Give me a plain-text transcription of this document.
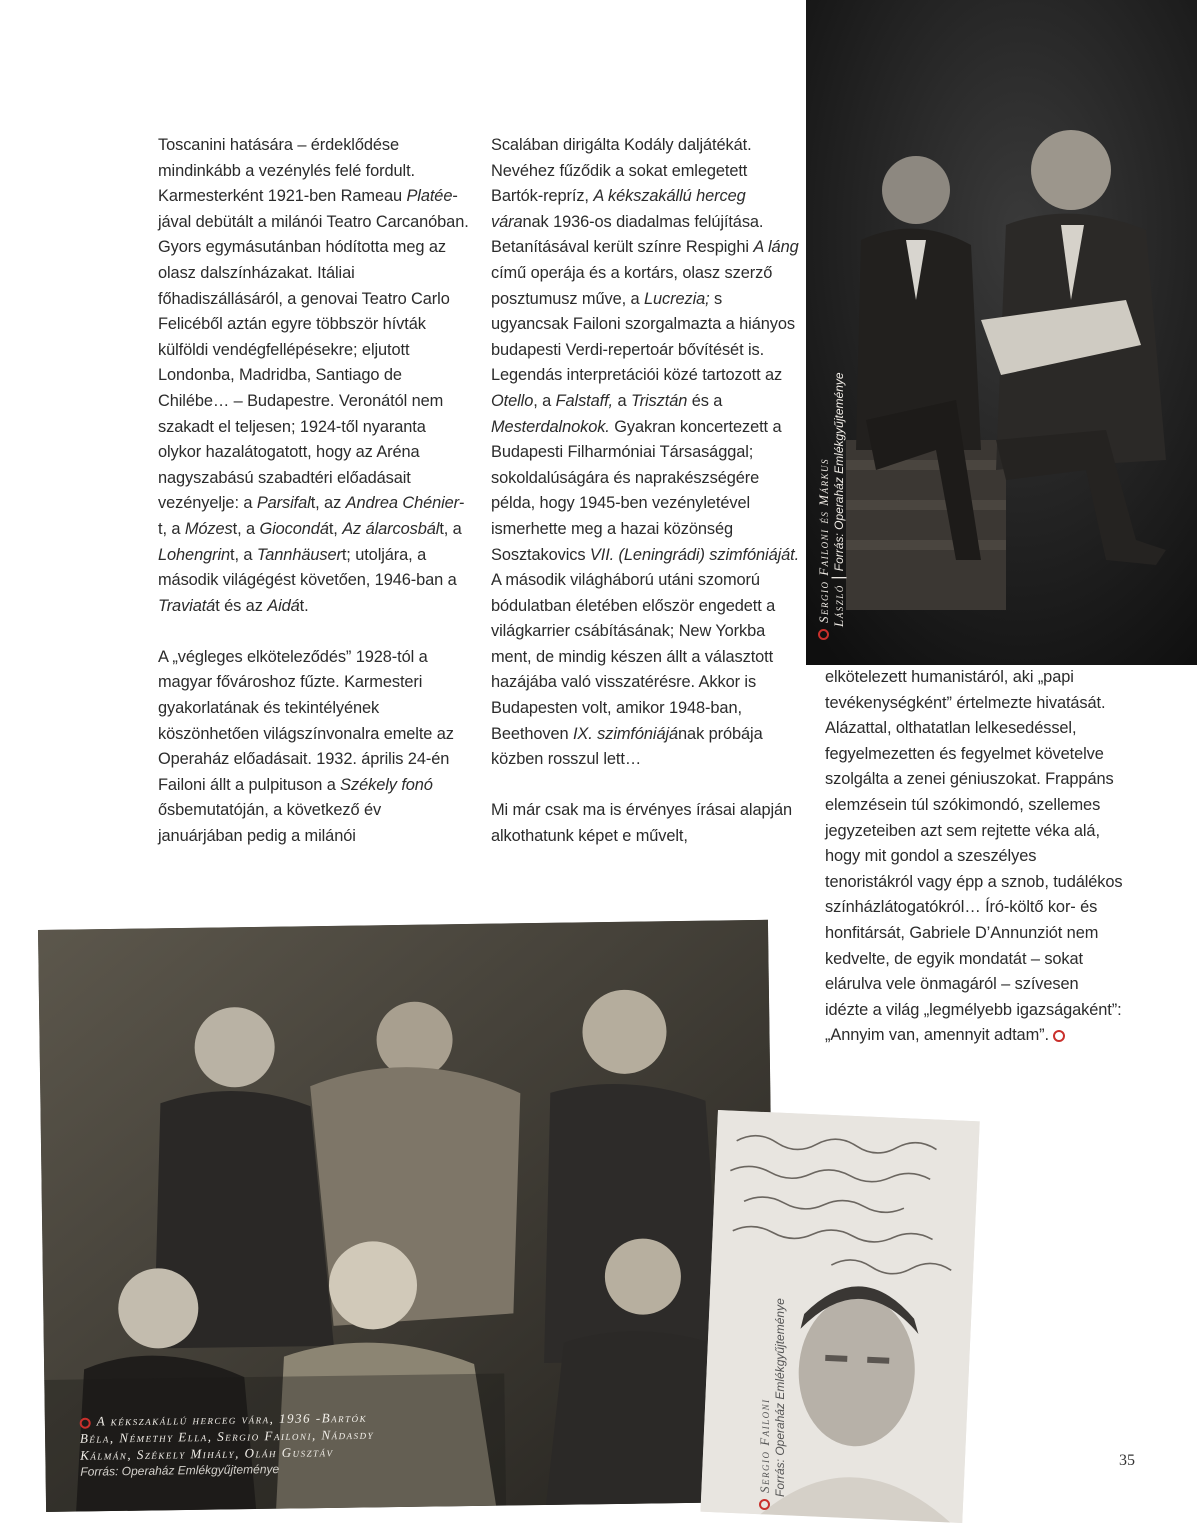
35

Toscanini hatására – érdeklődése mindinkább a vezénylés felé fordult. Karmesterként 1921-ben Rameau Platée-jával debütált a milánói Teatro Carcanóban. Gyors egymásutánban hódította meg az olasz dalszínházakat. Itáliai főhadiszállásáról, a genovai Teatro Carlo Felicéből aztán egyre többször hívták külföldi vendégfellépésekre; eljutott Londonba, Madridba, Santiago de Chilébe… – Budapestre. Veronától nem szakadt el teljesen; 1924-től nyaranta olykor hazalátogatott, hogy az Aréna nagyszabású szabadtéri előadásait vezényelje: a Parsifalt, az Andrea Chénier-t, a Mózest, a Giocondát, Az álarcosbált, a Lohengrint, a Tannhäusert; utoljára, a második világégést követően, 1946-ban a Traviatát és az Aidát.

A „végleges elköteleződés” 1928-tól a magyar fővároshoz fűzte. Karmesteri gyakorlatának és tekintélyének köszönhetően világszínvonalra emelte az Operaház előadásait. 1932. április 24-én Failoni állt a pulpituson a Székely fonó ősbemutatóján, a következő év januárjában pedig a milánói

Scalában dirigálta Kodály daljátékát. Nevéhez fűződik a sokat emlegetett Bartók-repríz, A kékszakállú herceg váranak 1936-os diadalmas felújítása. Betanításával került színre Respighi A láng című operája és a kortárs, olasz szerző posztumusz műve, a Lucrezia; s ugyancsak Failoni szorgalmazta a hiányos budapesti Verdi-repertoár bővítését is. Legendás interpretációi közé tartozott az Otello, a Falstaff, a Trisztán és a Mesterdalnokok. Gyakran koncertezett a Budapesti Filharmóniai Társasággal; sokoldalúságára és naprakészségére példa, hogy 1945-ben vezényletével ismerhette meg a hazai közönség Sosztakovics VII. (Leningrádi) szimfóniáját. A második világháború utáni szomorú bódulatban életében először engedett a világkarrier csábításának; New Yorkba ment, de mindig készen állt a választott hazájába való visszatérésre. Akkor is Budapesten volt, amikor 1948-ban, Beethoven IX. szimfóniájának próbája közben rosszul lett…

Mi már csak ma is érvényes írásai alapján alkothatunk képet e művelt,

elkötelezett humanistáról, aki „papi tevékenységként” értelmezte hivatását. Alázattal, olthatatlan lelkesedéssel, fegyelmezetten és fegyelmet követelve szolgálta a zenei géniuszokat. Frappáns elemzésein túl szókimondó, szellemes jegyzeteiben azt sem rejtette véka alá, hogy mit gondol a szeszélyes tenoristákról vagy épp a sznob, tudálékos színházlátogatókról… Író-költő kor- és honfitársát, Gabriele D’Annunziót nem kedvelte, de egyik mondatát – sokat elárulva vele önmagáról – szívesen idézte a világ „legmélyebb igazságaként”: „Annyim van, amennyit adtam”.

Sergio Failoni és Márkus László | Forrás: Operaház Emlékgyűjteménye
A kékszakállú herceg vára, 1936 -Bartók
Béla, Némethy Ella, Sergio Failoni, Nádasdy
Kálmán, Székely Mihály, Oláh Gusztáv
Forrás: Operaház Emlékgyűjteménye	Sergio Failoni Forrás: Operaház Emlékgyűjteménye
